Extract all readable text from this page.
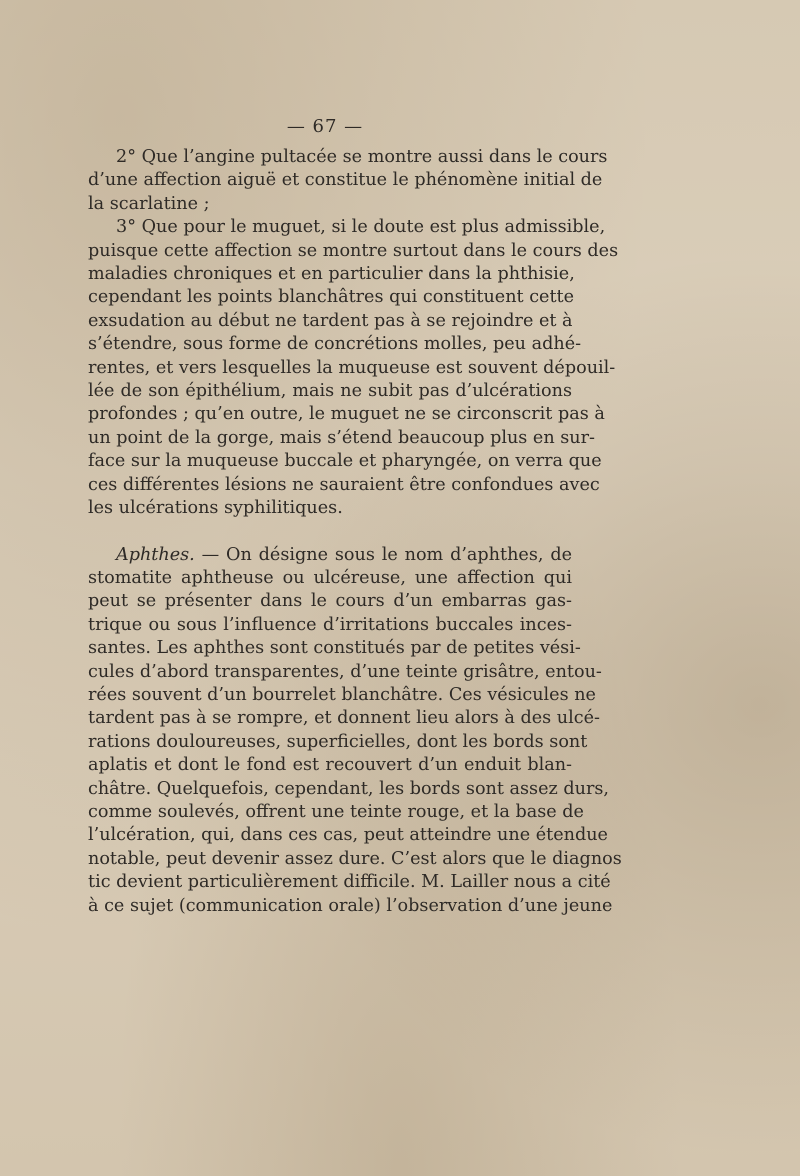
— 67 —
2° Que l’angine pultacée se montre aussi dans le cours
d’une affection aiguë et constitue le phénomène initial de
la scarlatine ;
3° Que pour le muguet, si le doute est plus admissible,
puisque cette affection se montre surtout dans le cours des
maladies chroniques et en particulier dans la phthisie,
cependant les points blanchâtres qui constituent cette
exsudation au début ne tardent pas à se rejoindre et à
s’étendre, sous forme de concrétions molles, peu adhé-
rentes, et vers lesquelles la muqueuse est souvent dépouil-
lée de son épithélium, mais ne subit pas d’ulcérations
profondes ; qu’en outre, le muguet ne se circonscrit pas à
un point de la gorge, mais s’étend beaucoup plus en sur-
face sur la muqueuse buccale et pharyngée, on verra que
ces différentes lésions ne sauraient être confondues avec
les ulcérations syphilitiques.
Aphthes. — On désigne sous le nom d’aphthes, de
stomatite aphtheuse ou ulcéreuse, une affection qui
peut se présenter dans le cours d’un embarras gas-
trique ou sous l’influence d’irritations buccales inces-
santes. Les aphthes sont constitués par de petites vési-
cules d’abord transparentes, d’une teinte grisâtre, entou-
rées souvent d’un bourrelet blanchâtre. Ces vésicules ne
tardent pas à se rompre, et donnent lieu alors à des ulcé-
rations douloureuses, superficielles, dont les bords sont
aplatis et dont le fond est recouvert d’un enduit blan-
châtre. Quelquefois, cependant, les bords sont assez durs,
comme soulevés, offrent une teinte rouge, et la base de
l’ulcération, qui, dans ces cas, peut atteindre une étendue
notable, peut devenir assez dure. C’est alors que le diagnos
tic devient particulièrement difficile. M. Lailler nous a cité
à ce sujet (communication orale) l’observation d’une jeune
